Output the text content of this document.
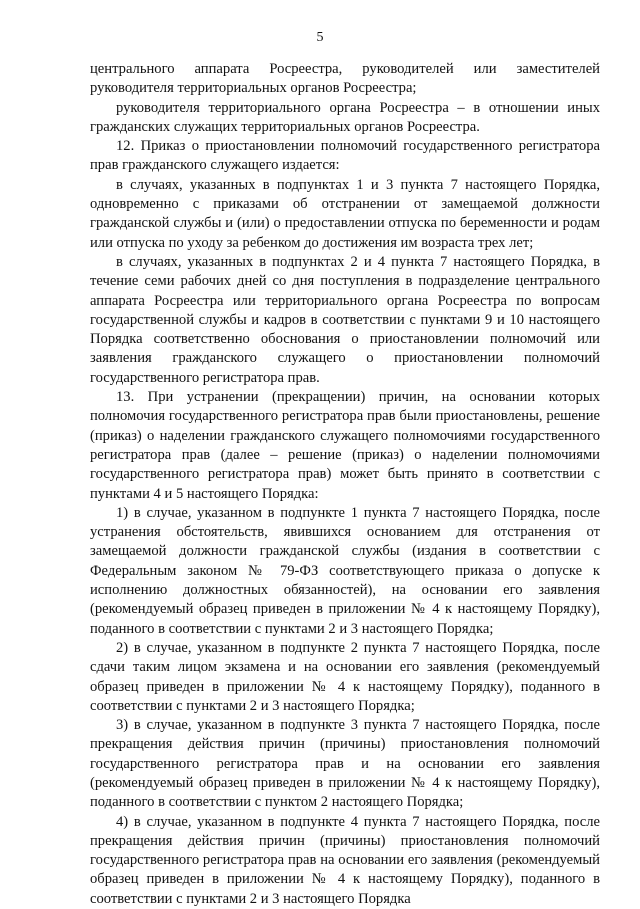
5

центрального аппарата Росреестра, руководителей или заместителей руководителя территориальных органов Росреестра;

руководителя территориального органа Росреестра – в отношении иных гражданских служащих территориальных органов Росреестра.

12. Приказ о приостановлении полномочий государственного регистратора прав гражданского служащего издается:

в случаях, указанных в подпунктах 1 и 3 пункта 7 настоящего Порядка, одновременно с приказами об отстранении от замещаемой должности гражданской службы и (или) о предоставлении отпуска по беременности и родам или отпуска по уходу за ребенком до достижения им возраста трех лет;

в случаях, указанных в подпунктах 2 и 4 пункта 7 настоящего Порядка, в течение семи рабочих дней со дня поступления в подразделение центрального аппарата Росреестра или территориального органа Росреестра по вопросам государственной службы и кадров в соответствии с пунктами 9 и 10 настоящего Порядка соответственно обоснования о приостановлении полномочий или заявления гражданского служащего о приостановлении полномочий государственного регистратора прав.

13. При устранении (прекращении) причин, на основании которых полномочия государственного регистратора прав были приостановлены, решение (приказ) о наделении гражданского служащего полномочиями государственного регистратора прав (далее – решение (приказ) о наделении полномочиями государственного регистратора прав) может быть принято в соответствии с пунктами 4 и 5 настоящего Порядка:

1) в случае, указанном в подпункте 1 пункта 7 настоящего Порядка, после устранения обстоятельств, явившихся основанием для отстранения от замещаемой должности гражданской службы (издания в соответствии с Федеральным законом № 79-ФЗ соответствующего приказа о допуске к исполнению должностных обязанностей), на основании его заявления (рекомендуемый образец приведен в приложении № 4 к настоящему Порядку), поданного в соответствии с пунктами 2 и 3 настоящего Порядка;

2) в случае, указанном в подпункте 2 пункта 7 настоящего Порядка, после сдачи таким лицом экзамена и на основании его заявления (рекомендуемый образец приведен в приложении № 4 к настоящему Порядку), поданного в соответствии с пунктами 2 и 3 настоящего Порядка;

3) в случае, указанном в подпункте 3 пункта 7 настоящего Порядка, после прекращения действия причин (причины) приостановления полномочий государственного регистратора прав и на основании его заявления (рекомендуемый образец приведен в приложении № 4 к настоящему Порядку), поданного в соответствии с пунктом 2 настоящего Порядка;

4) в случае, указанном в подпункте 4 пункта 7 настоящего Порядка, после прекращения действия причин (причины) приостановления полномочий государственного регистратора прав на основании его заявления (рекомендуемый образец приведен в приложении № 4 к настоящему Порядку), поданного в соответствии с пунктами 2 и 3 настоящего Порядка
